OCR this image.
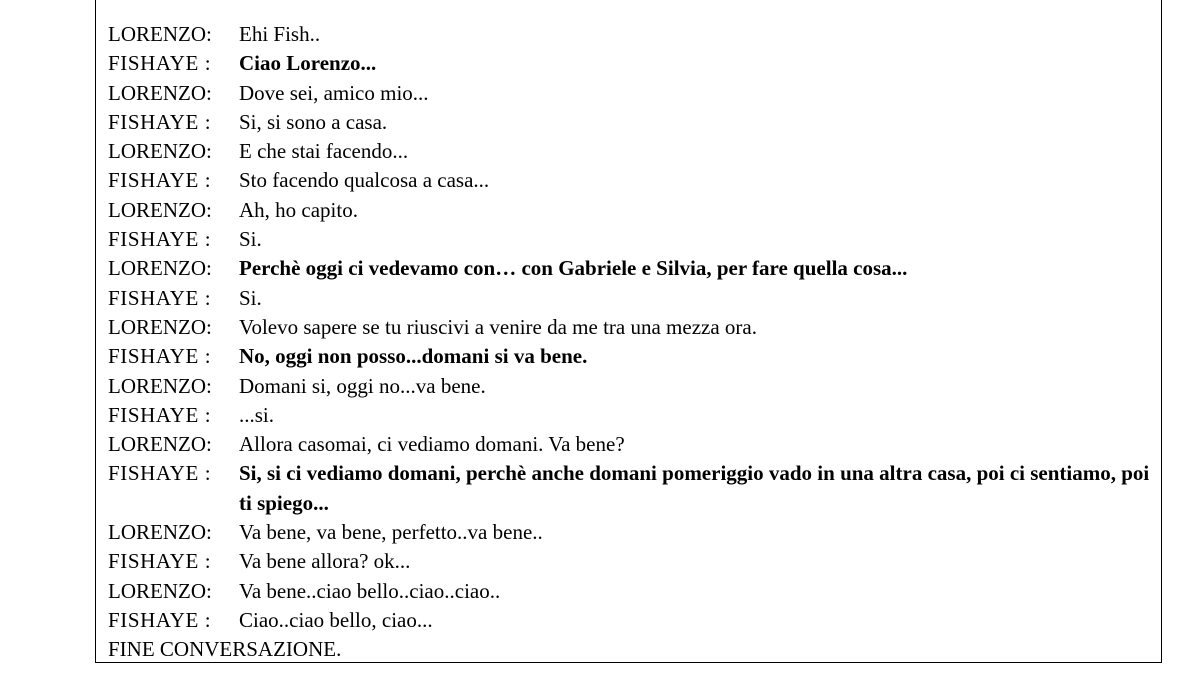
LORENZO:	Ehi Fish..
FISHAYE :	Ciao Lorenzo...
LORENZO:	Dove sei, amico mio...
FISHAYE :	Si, si sono a casa.
LORENZO:	E che stai facendo...
FISHAYE :	Sto facendo qualcosa a casa...
LORENZO:	Ah, ho capito.
FISHAYE :	Si.
LORENZO:	Perchè oggi ci vedevamo con… con Gabriele e Silvia, per fare quella cosa...
FISHAYE :	Si.
LORENZO:	Volevo sapere se tu riuscivi a venire da me tra una mezza ora.
FISHAYE :	No, oggi non posso...domani si va bene.
LORENZO:	Domani si, oggi no...va bene.
FISHAYE :	...si.
LORENZO:	Allora casomai, ci vediamo domani. Va bene?
FISHAYE :	Si, si ci vediamo domani, perchè anche domani pomeriggio vado in una altra casa, poi ci sentiamo, poi ti spiego...
LORENZO:	Va bene, va bene, perfetto..va bene..
FISHAYE :	Va bene allora? ok...
LORENZO:	Va bene..ciao bello..ciao..ciao..
FISHAYE :	Ciao..ciao bello, ciao...
FINE CONVERSAZIONE.
